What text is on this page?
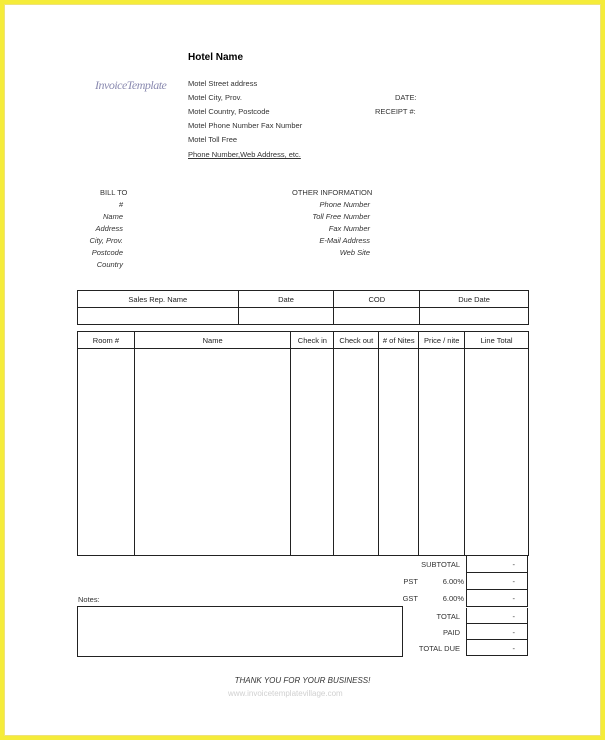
InvoiceTemplate
Hotel Name
Motel Street address
Motel City, Prov.
Motel Country, Postcode
Motel Phone Number Fax Number
Motel Toll Free
Phone Number,Web Address, etc.
DATE:
RECEIPT #:
BILL TO
#
Name
Address
City, Prov.
Postcode
Country
OTHER INFORMATION
Phone Number
Toll Free Number
Fax Number
E-Mail Address
Web Site
Sales Rep. Name	Date	COD	Due Date

Room #	Name	Check in	Check out	# of Nites	Price / nite	Line Total

SUBTOTAL	-
PST	6.00%	-
GST	6.00%	-
TOTAL	-
PAID	-
TOTAL DUE	-
Notes:
THANK YOU FOR YOUR BUSINESS!
www.invoicetemplatevillage.com
